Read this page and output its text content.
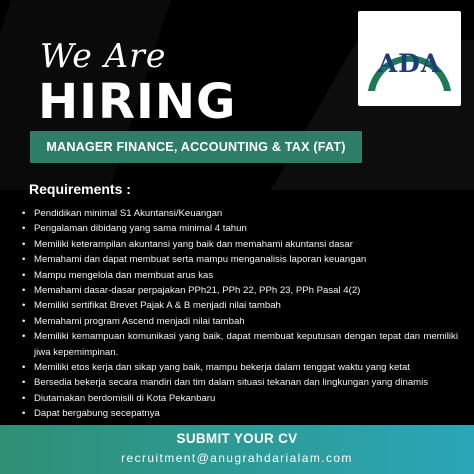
We Are
HIRING
ADA
MANAGER FINANCE, ACCOUNTING & TAX (FAT)
Requirements :
• Pendidikan minimal S1 Akuntansi/Keuangan
• Pengalaman dibidang yang sama minimal 4 tahun
• Memiliki keterampilan akuntansi yang baik dan memahami akuntansi dasar
• Memahami dan dapat membuat serta mampu menganalisis laporan keuangan
• Mampu mengelola dan membuat arus kas
• Memahami dasar-dasar perpajakan PPh21, PPh 22, PPh 23, PPh Pasal 4(2)
• Memiliki sertifikat Brevet Pajak A & B menjadi nilai tambah
• Memahami program Ascend menjadi nilai tambah
• Memiliki kemampuan komunikasi yang baik, dapat membuat keputusan dengan tepat dan memiliki jiwa kepemimpinan.
• Memiliki etos kerja dan sikap yang baik, mampu bekerja dalam tenggat waktu yang ketat
• Bersedia bekerja secara mandiri dan tim dalam situasi tekanan dan lingkungan yang dinamis
• Diutamakan berdomisili di Kota Pekanbaru
• Dapat bergabung secepatnya
SUBMIT YOUR CV
recruitment@anugrahdarialam.com
